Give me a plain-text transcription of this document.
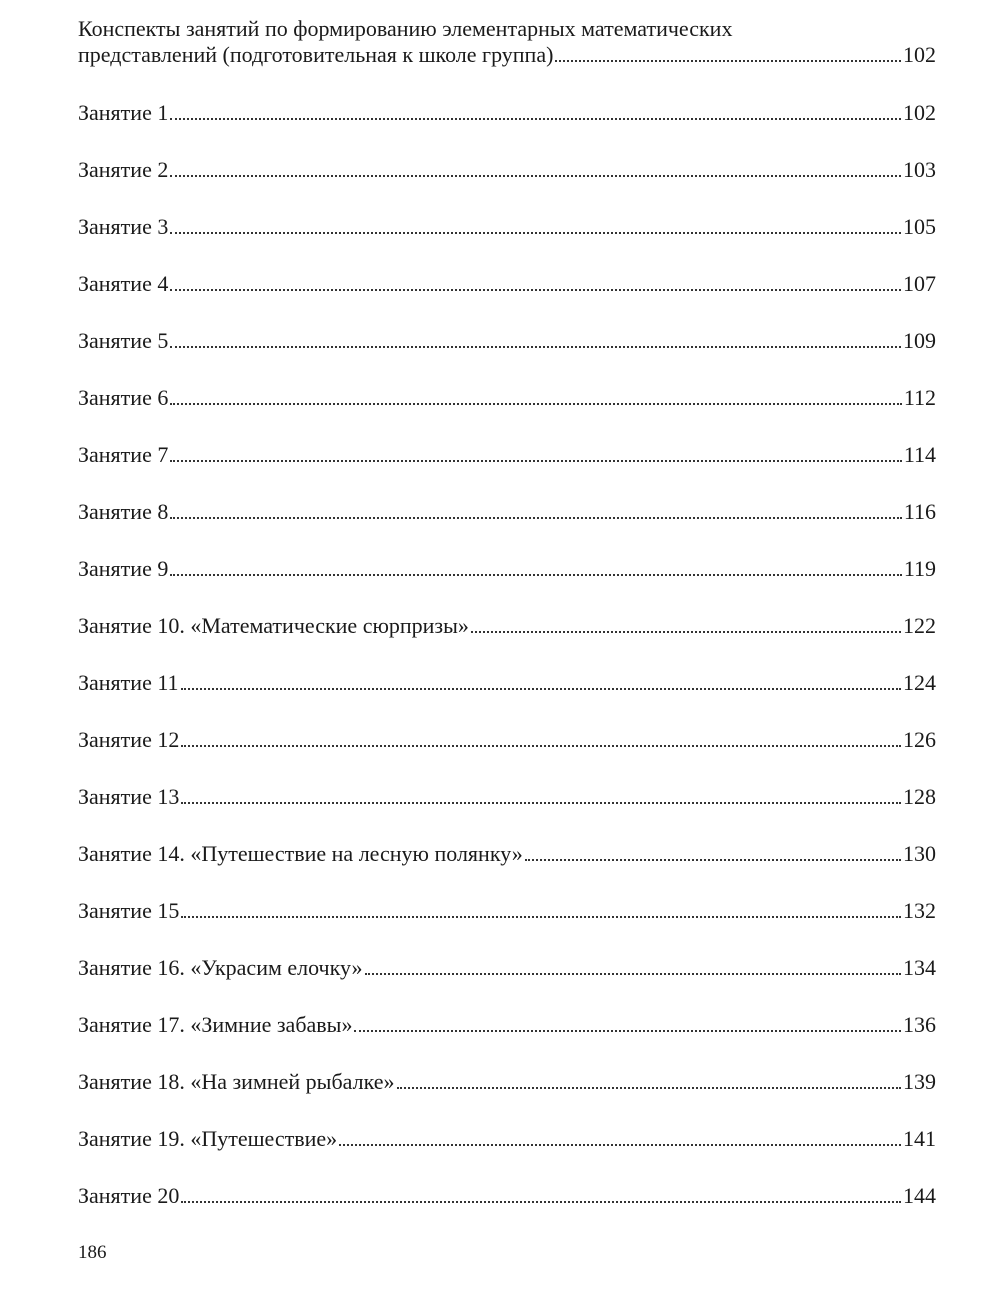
Конспекты занятий по формированию элементарных математических
представлений (подготовительная к школе группа)	102
Занятие 1	102
Занятие 2	103
Занятие 3	105
Занятие 4	107
Занятие 5	109
Занятие 6	112
Занятие 7	114
Занятие 8	116
Занятие 9	119
Занятие 10. «Математические сюрпризы»	122
Занятие 11	124
Занятие 12	126
Занятие 13	128
Занятие 14. «Путешествие на лесную полянку»	130
Занятие 15	132
Занятие 16. «Украсим елочку»	134
Занятие 17. «Зимние забавы»	136
Занятие 18. «На зимней рыбалке»	139
Занятие 19. «Путешествие»	141
Занятие 20	144
186
